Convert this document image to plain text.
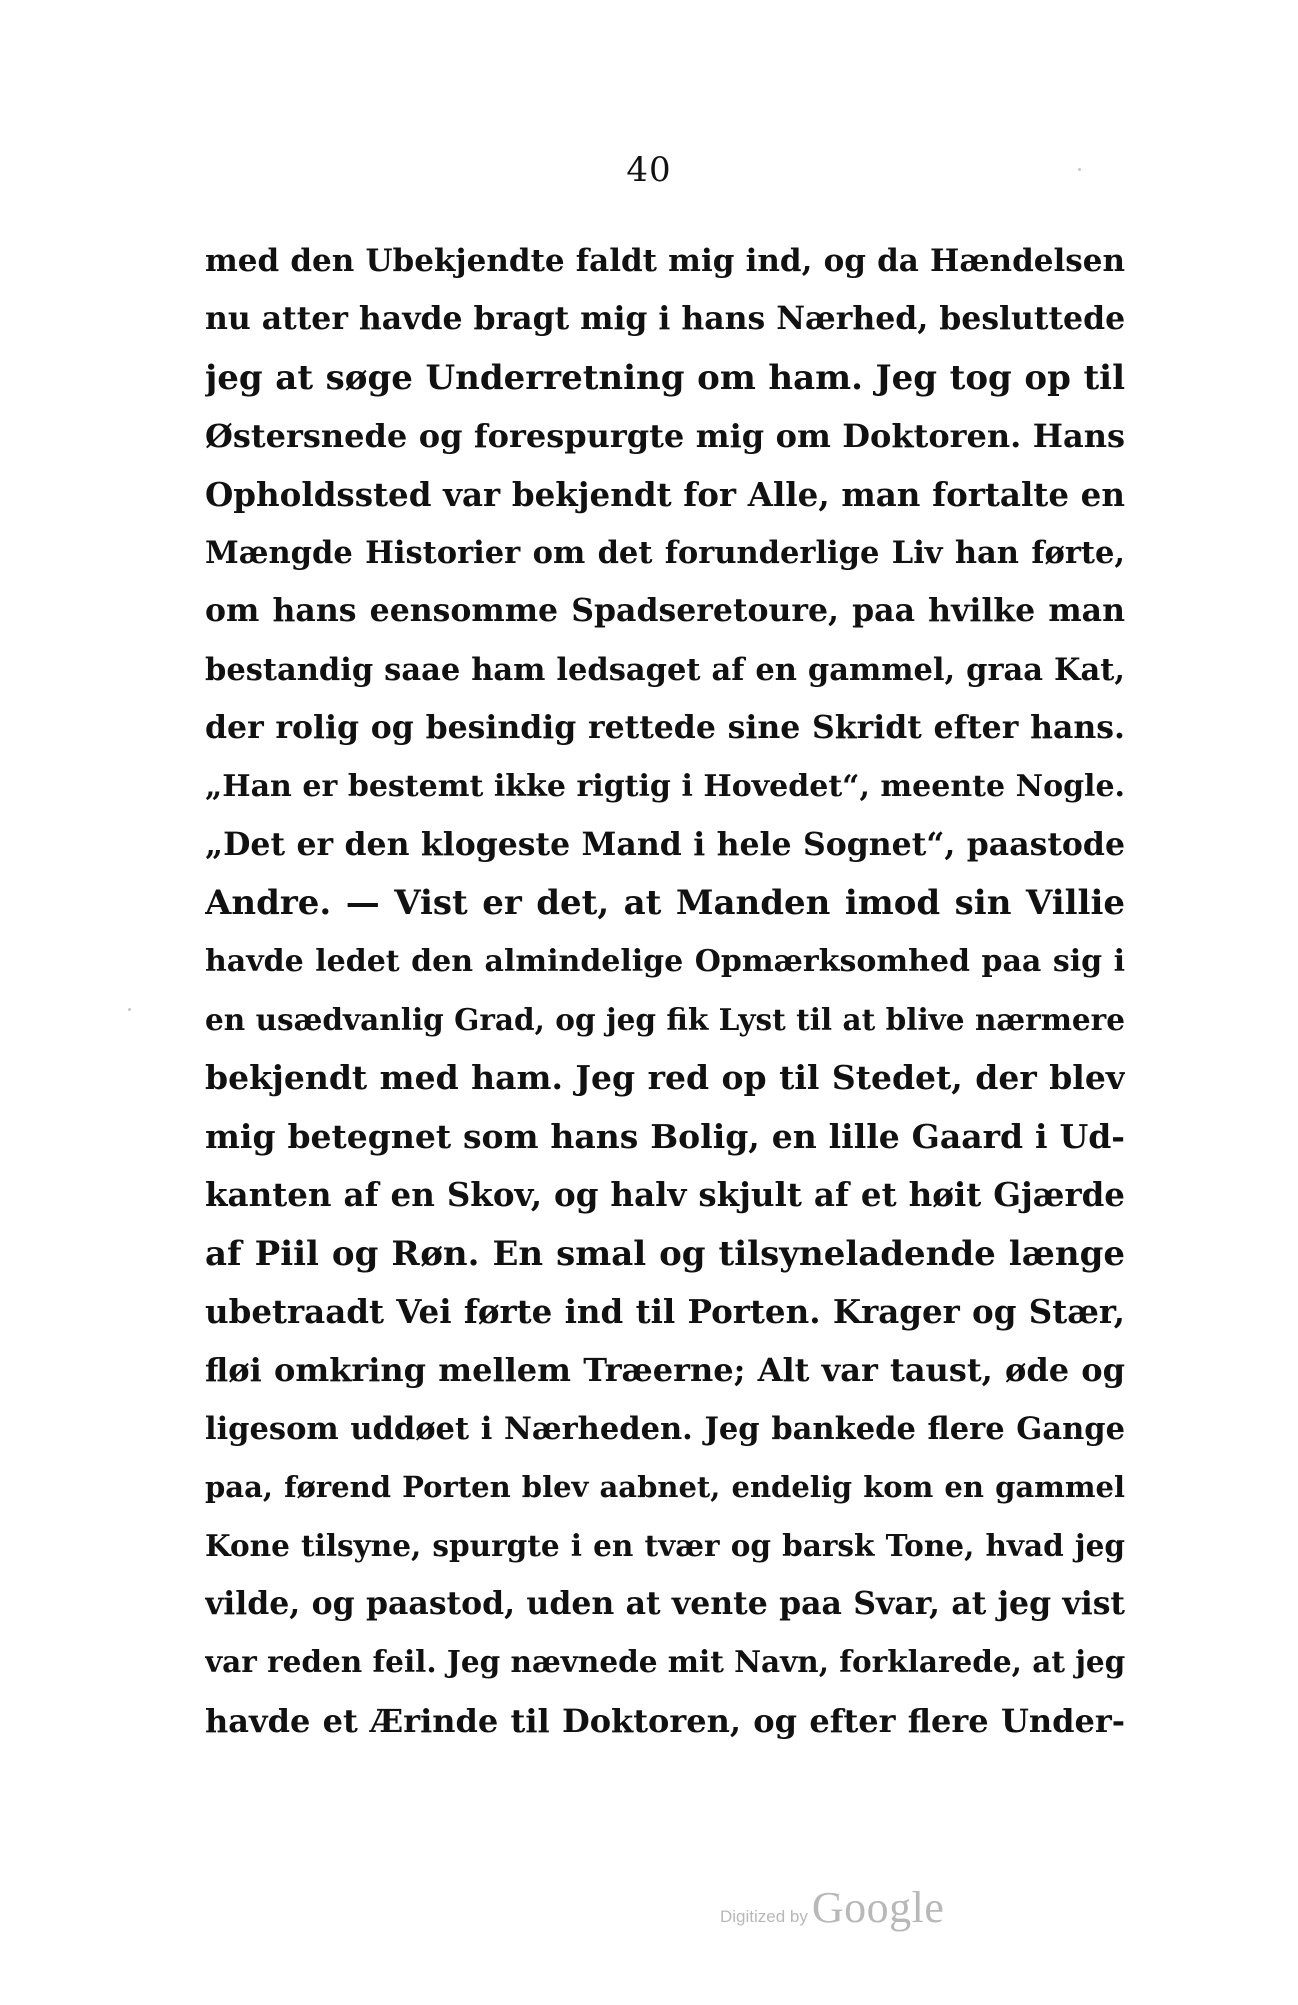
40
med den Ubekjendte faldt mig ind, og da Hændelsen
nu atter havde bragt mig i hans Nærhed, besluttede
jeg at søge Underretning om ham. Jeg tog op til
Østersnede og forespurgte mig om Doktoren. Hans
Opholdssted var bekjendt for Alle, man fortalte en
Mængde Historier om det forunderlige Liv han førte,
om hans eensomme Spadseretoure, paa hvilke man
bestandig saae ham ledsaget af en gammel, graa Kat,
der rolig og besindig rettede sine Skridt efter hans.
„Han er bestemt ikke rigtig i Hovedet“, meente Nogle.
„Det er den klogeste Mand i hele Sognet“, paastode
Andre. — Vist er det, at Manden imod sin Villie
havde ledet den almindelige Opmærksomhed paa sig i
en usædvanlig Grad, og jeg fik Lyst til at blive nærmere
bekjendt med ham. Jeg red op til Stedet, der blev
mig betegnet som hans Bolig, en lille Gaard i Ud-
kanten af en Skov, og halv skjult af et høit Gjærde
af Piil og Røn. En smal og tilsyneladende længe
ubetraadt Vei førte ind til Porten. Krager og Stær,
fløi omkring mellem Træerne; Alt var taust, øde og
ligesom uddøet i Nærheden. Jeg bankede flere Gange
paa, førend Porten blev aabnet, endelig kom en gammel
Kone tilsyne, spurgte i en tvær og barsk Tone, hvad jeg
vilde, og paastod, uden at vente paa Svar, at jeg vist
var reden feil. Jeg nævnede mit Navn, forklarede, at jeg
havde et Ærinde til Doktoren, og efter flere Under-
Digitized byGoogle
